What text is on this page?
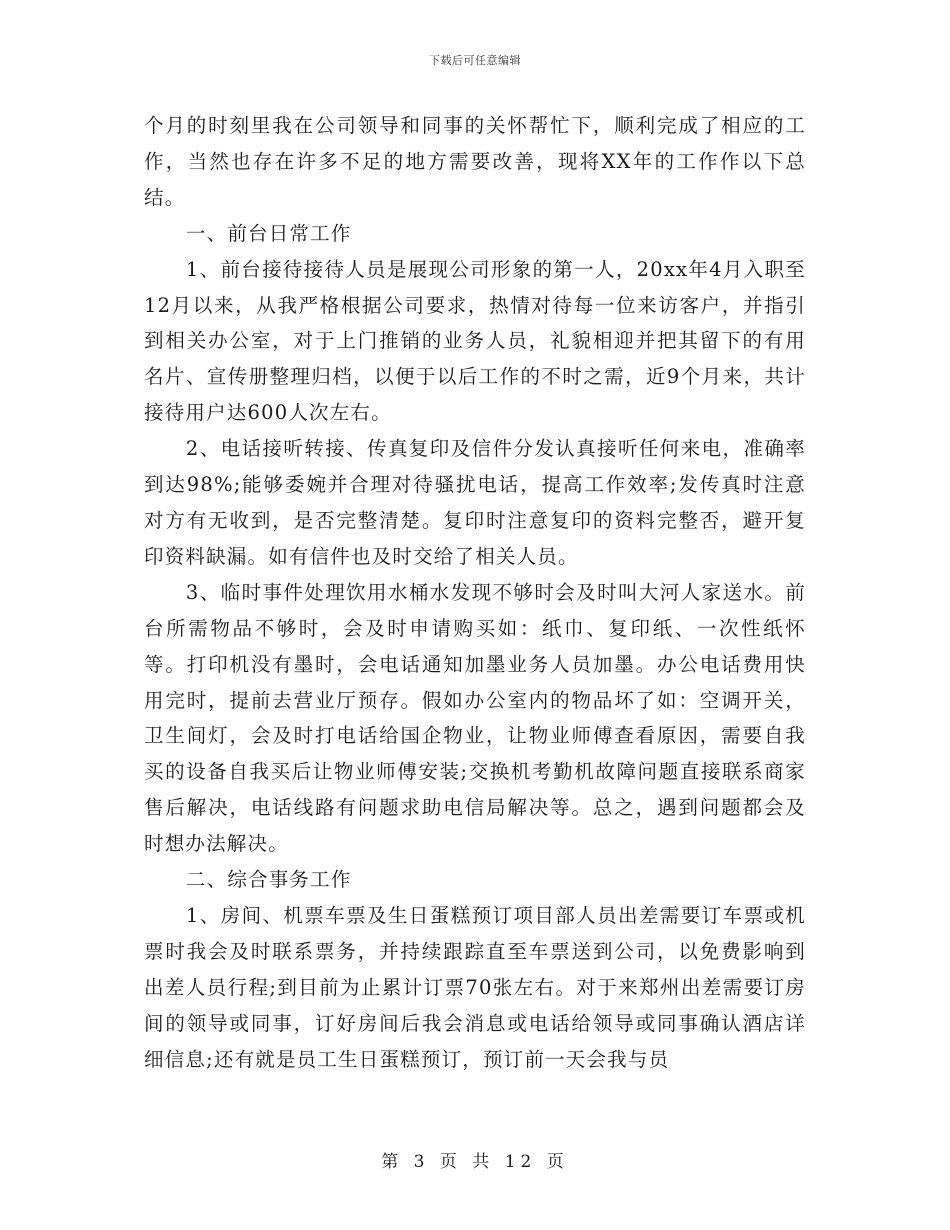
下载后可任意编辑

个月的时刻里我在公司领导和同事的关怀帮忙下，顺利完成了相应的工作，当然也存在许多不足的地方需要改善，现将XX年的工作作以下总结。

一、前台日常工作

1、前台接待接待人员是展现公司形象的第一人，20xx年4月入职至12月以来，从我严格根据公司要求，热情对待每一位来访客户，并指引到相关办公室，对于上门推销的业务人员，礼貌相迎并把其留下的有用名片、宣传册整理归档，以便于以后工作的不时之需，近9个月来，共计接待用户达600人次左右。

2、电话接听转接、传真复印及信件分发认真接听任何来电，准确率到达98%;能够委婉并合理对待骚扰电话，提高工作效率;发传真时注意对方有无收到，是否完整清楚。复印时注意复印的资料完整否，避开复印资料缺漏。如有信件也及时交给了相关人员。

3、临时事件处理饮用水桶水发现不够时会及时叫大河人家送水。前台所需物品不够时，会及时申请购买如：纸巾、复印纸、一次性纸怀等。打印机没有墨时，会电话通知加墨业务人员加墨。办公电话费用快用完时，提前去营业厅预存。假如办公室内的物品坏了如：空调开关，卫生间灯，会及时打电话给国企物业，让物业师傅查看原因，需要自我买的设备自我买后让物业师傅安装;交换机考勤机故障问题直接联系商家售后解决，电话线路有问题求助电信局解决等。总之，遇到问题都会及时想办法解决。

二、综合事务工作

1、房间、机票车票及生日蛋糕预订项目部人员出差需要订车票或机票时我会及时联系票务，并持续跟踪直至车票送到公司，以免费影响到出差人员行程;到目前为止累计订票70张左右。对于来郑州出差需要订房间的领导或同事，订好房间后我会消息或电话给领导或同事确认酒店详细信息;还有就是员工生日蛋糕预订，预订前一天会我与员

第 3 页 共 12 页
